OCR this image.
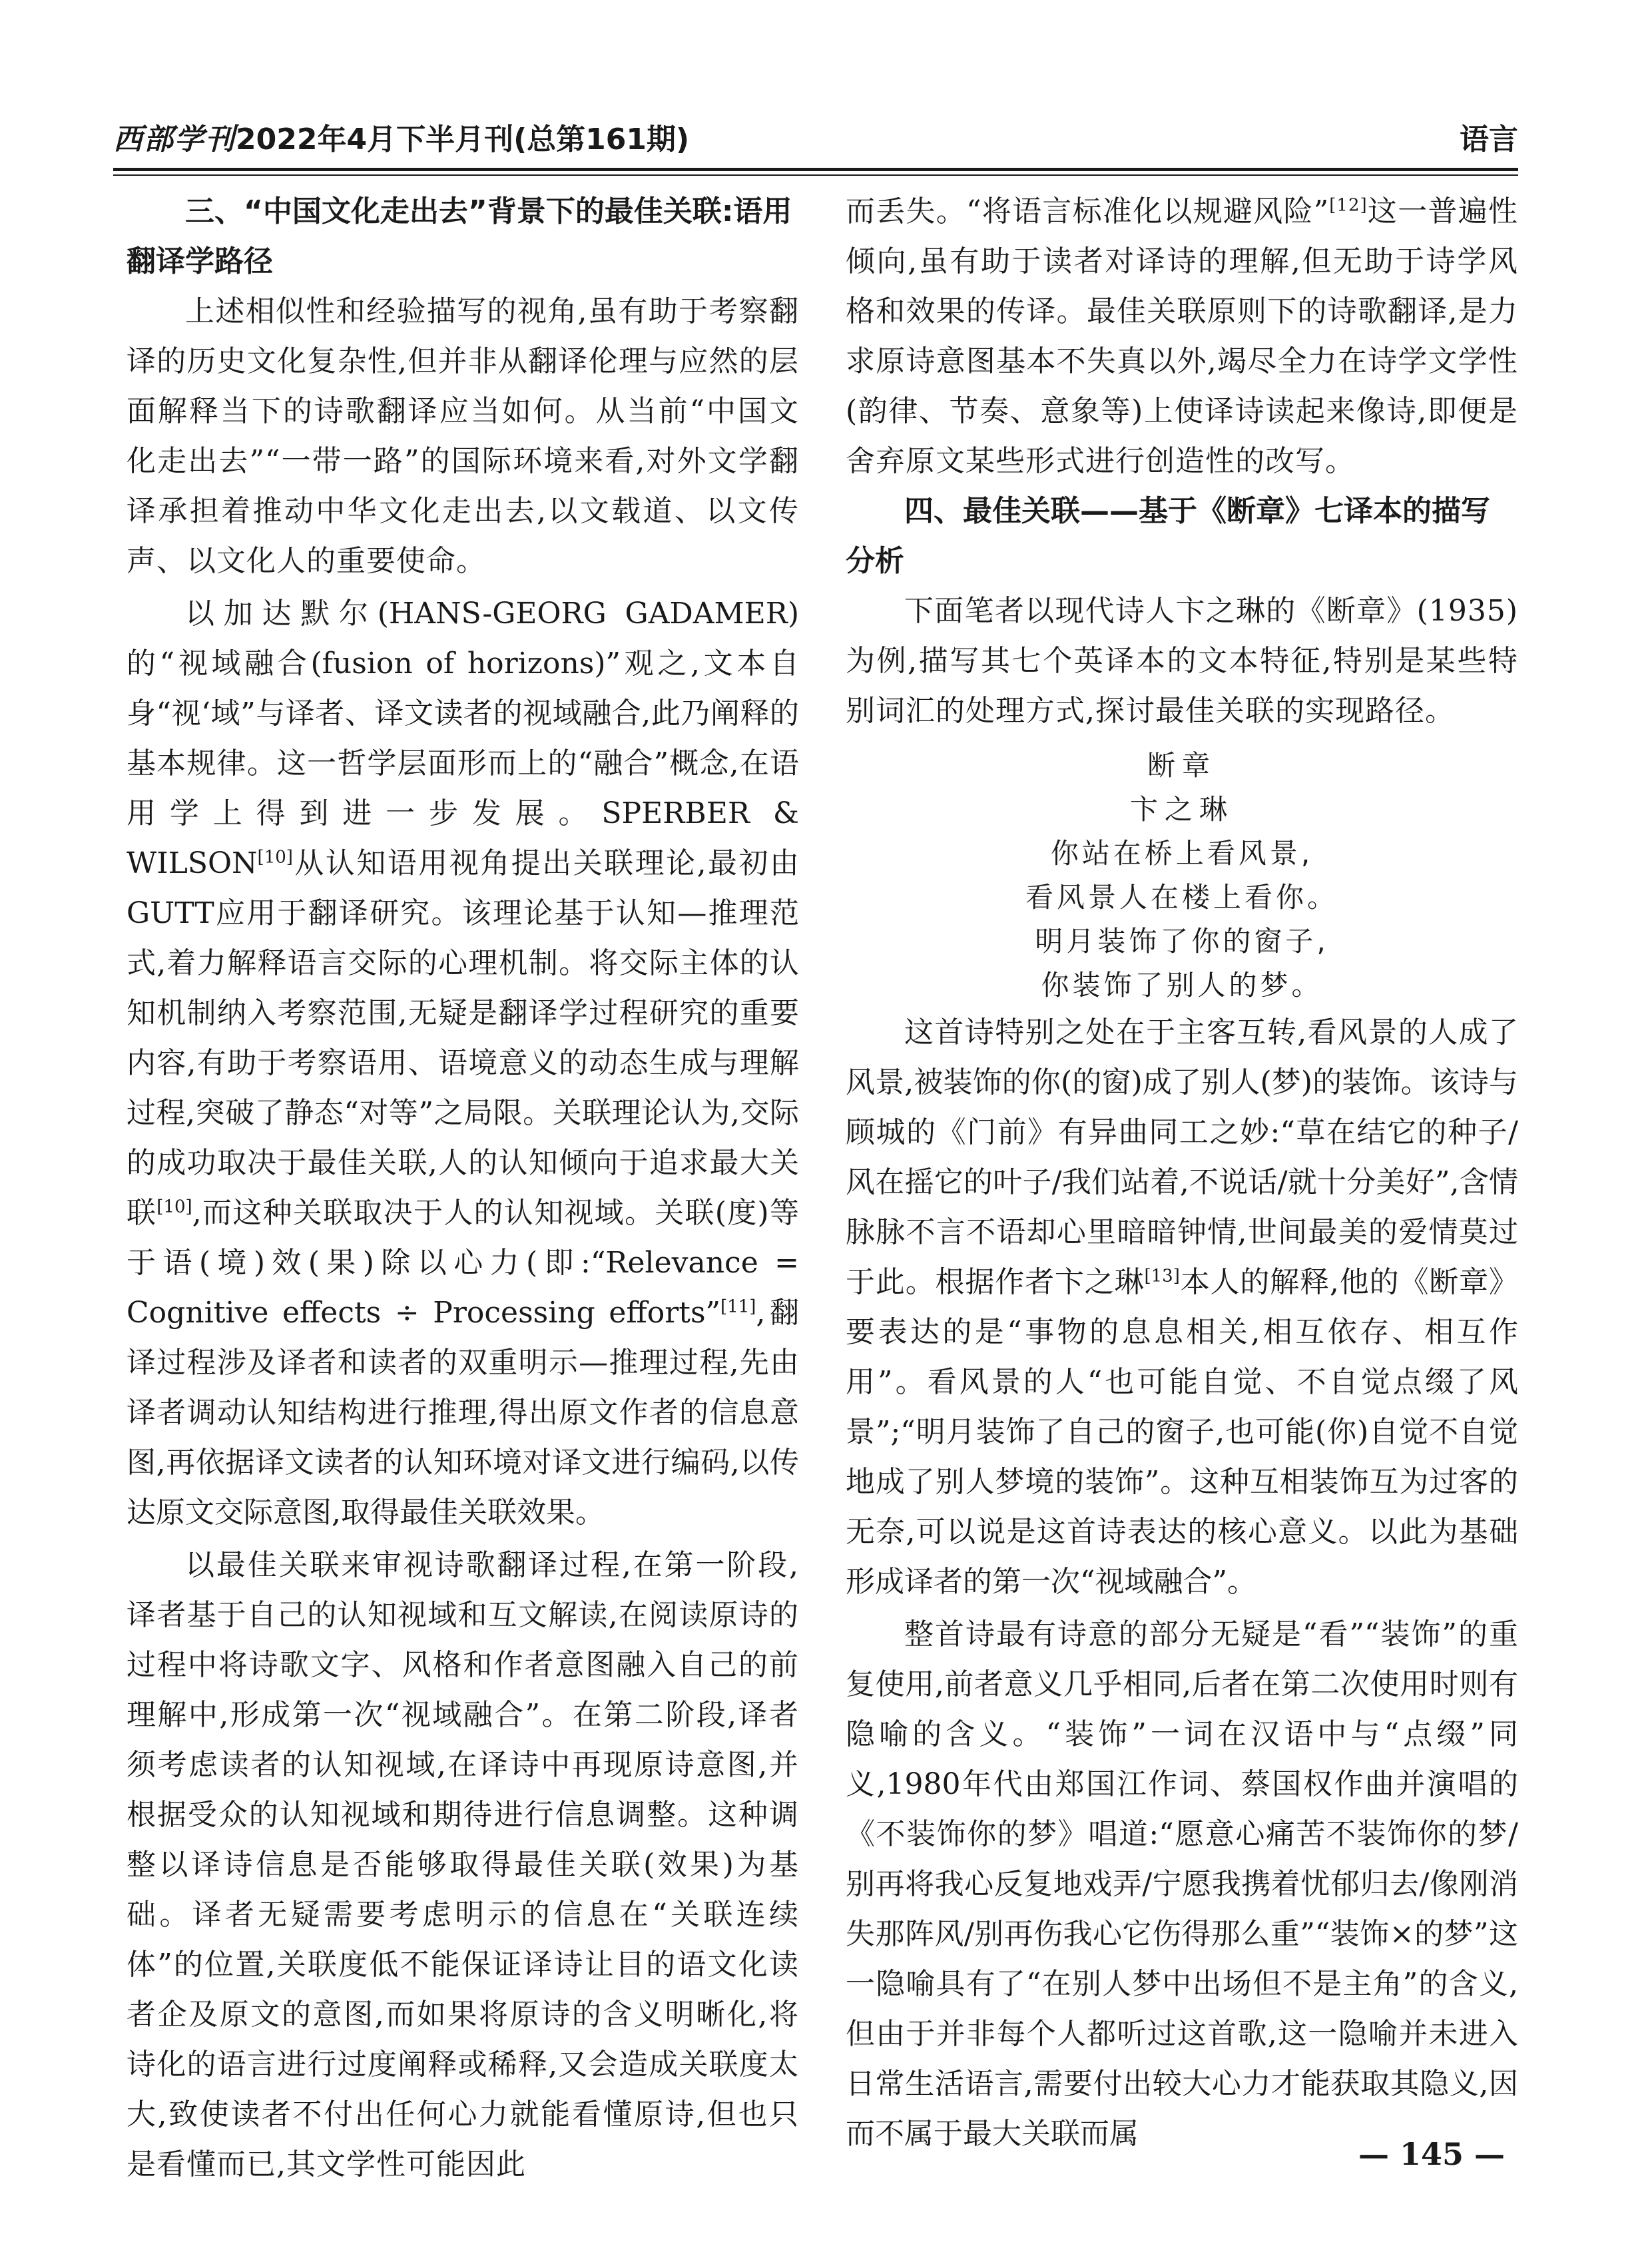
西部学刊2022年4月下半月刊(总第161期)	语言
三、“中国文化走出去”背景下的最佳关联:语用翻译学路径

上述相似性和经验描写的视角,虽有助于考察翻译的历史文化复杂性,但并非从翻译伦理与应然的层面解释当下的诗歌翻译应当如何。从当前“中国文化走出去”“一带一路”的国际环境来看,对外文学翻译承担着推动中华文化走出去,以文载道、以文传声、以文化人的重要使命。

以加达默尔(HANS-GEORG GADAMER)的“视域融合(fusion of horizons)”观之,文本自身“视‘域”与译者、译文读者的视域融合,此乃阐释的基本规律。这一哲学层面形而上的“融合”概念,在语用学上得到进一步发展。SPERBER & WILSON[10]从认知语用视角提出关联理论,最初由GUTT应用于翻译研究。该理论基于认知—推理范式,着力解释语言交际的心理机制。将交际主体的认知机制纳入考察范围,无疑是翻译学过程研究的重要内容,有助于考察语用、语境意义的动态生成与理解过程,突破了静态“对等”之局限。关联理论认为,交际的成功取决于最佳关联,人的认知倾向于追求最大关联[10],而这种关联取决于人的认知视域。关联(度)等于语(境)效(果)除以心力(即:“Relevance = Cognitive effects ÷ Processing efforts”[11],翻译过程涉及译者和读者的双重明示—推理过程,先由译者调动认知结构进行推理,得出原文作者的信息意图,再依据译文读者的认知环境对译文进行编码,以传达原文交际意图,取得最佳关联效果。

以最佳关联来审视诗歌翻译过程,在第一阶段,译者基于自己的认知视域和互文解读,在阅读原诗的过程中将诗歌文字、风格和作者意图融入自己的前理解中,形成第一次“视域融合”。在第二阶段,译者须考虑读者的认知视域,在译诗中再现原诗意图,并根据受众的认知视域和期待进行信息调整。这种调整以译诗信息是否能够取得最佳关联(效果)为基础。译者无疑需要考虑明示的信息在“关联连续体”的位置,关联度低不能保证译诗让目的语文化读者企及原文的意图,而如果将原诗的含义明晰化,将诗化的语言进行过度阐释或稀释,又会造成关联度太大,致使读者不付出任何心力就能看懂原诗,但也只是看懂而已,其文学性可能因此

而丢失。“将语言标准化以规避风险”[12]这一普遍性倾向,虽有助于读者对译诗的理解,但无助于诗学风格和效果的传译。最佳关联原则下的诗歌翻译,是力求原诗意图基本不失真以外,竭尽全力在诗学文学性(韵律、节奏、意象等)上使译诗读起来像诗,即便是舍弃原文某些形式进行创造性的改写。

四、最佳关联——基于《断章》七译本的描写分析

下面笔者以现代诗人卞之琳的《断章》(1935)为例,描写其七个英译本的文本特征,特别是某些特别词汇的处理方式,探讨最佳关联的实现路径。

断章
卞之琳
你站在桥上看风景,
看风景人在楼上看你。
明月装饰了你的窗子,
你装饰了别人的梦。

这首诗特别之处在于主客互转,看风景的人成了风景,被装饰的你(的窗)成了别人(梦)的装饰。该诗与顾城的《门前》有异曲同工之妙:“草在结它的种子/风在摇它的叶子/我们站着,不说话/就十分美好”,含情脉脉不言不语却心里暗暗钟情,世间最美的爱情莫过于此。根据作者卞之琳[13]本人的解释,他的《断章》要表达的是“事物的息息相关,相互依存、相互作用”。看风景的人“也可能自觉、不自觉点缀了风景”;“明月装饰了自己的窗子,也可能(你)自觉不自觉地成了别人梦境的装饰”。这种互相装饰互为过客的无奈,可以说是这首诗表达的核心意义。以此为基础形成译者的第一次“视域融合”。

整首诗最有诗意的部分无疑是“看”“装饰”的重复使用,前者意义几乎相同,后者在第二次使用时则有隐喻的含义。“装饰”一词在汉语中与“点缀”同义,1980年代由郑国江作词、蔡国权作曲并演唱的《不装饰你的梦》唱道:“愿意心痛苦不装饰你的梦/别再将我心反复地戏弄/宁愿我携着忧郁归去/像刚消失那阵风/别再伤我心它伤得那么重”“装饰×的梦”这一隐喻具有了“在别人梦中出场但不是主角”的含义,但由于并非每个人都听过这首歌,这一隐喻并未进入日常生活语言,需要付出较大心力才能获取其隐义,因而不属于最大关联而属

— 145 —
